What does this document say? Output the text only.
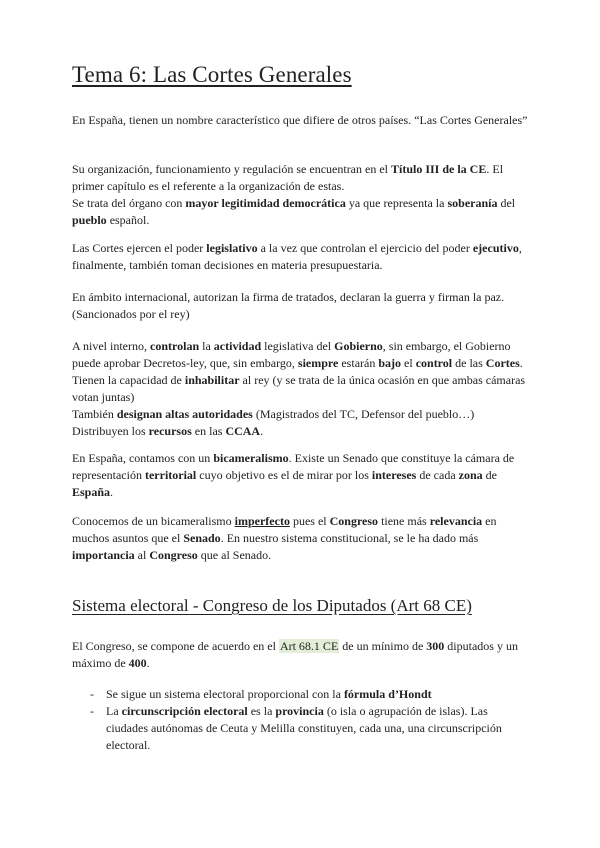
Tema 6: Las Cortes Generales
En España, tienen un nombre característico que difiere de otros países. “Las Cortes Generales”
Su organización, funcionamiento y regulación se encuentran en el Título III de la CE. El primer capítulo es el referente a la organización de estas.
Se trata del órgano con mayor legitimidad democrática ya que representa la soberanía del pueblo español.
Las Cortes ejercen el poder legislativo a la vez que controlan el ejercicio del poder ejecutivo, finalmente, también toman decisiones en materia presupuestaria.
En ámbito internacional, autorizan la firma de tratados, declaran la guerra y firman la paz. (Sancionados por el rey)
A nivel interno, controlan la actividad legislativa del Gobierno, sin embargo, el Gobierno puede aprobar Decretos-ley, que, sin embargo, siempre estarán bajo el control de las Cortes.
Tienen la capacidad de inhabilitar al rey (y se trata de la única ocasión en que ambas cámaras votan juntas)
También designan altas autoridades (Magistrados del TC, Defensor del pueblo…)
Distribuyen los recursos en las CCAA.
En España, contamos con un bicameralismo. Existe un Senado que constituye la cámara de representación territorial cuyo objetivo es el de mirar por los intereses de cada zona de España.
Conocemos de un bicameralismo imperfecto pues el Congreso tiene más relevancia en muchos asuntos que el Senado. En nuestro sistema constitucional, se le ha dado más importancia al Congreso que al Senado.
Sistema electoral - Congreso de los Diputados (Art 68 CE)
El Congreso, se compone de acuerdo en el Art 68.1 CE de un mínimo de 300 diputados y un máximo de 400.
- Se sigue un sistema electoral proporcional con la fórmula d’Hondt
- La circunscripción electoral es la provincia (o isla o agrupación de islas). Las ciudades autónomas de Ceuta y Melilla constituyen, cada una, una circunscripción electoral.
